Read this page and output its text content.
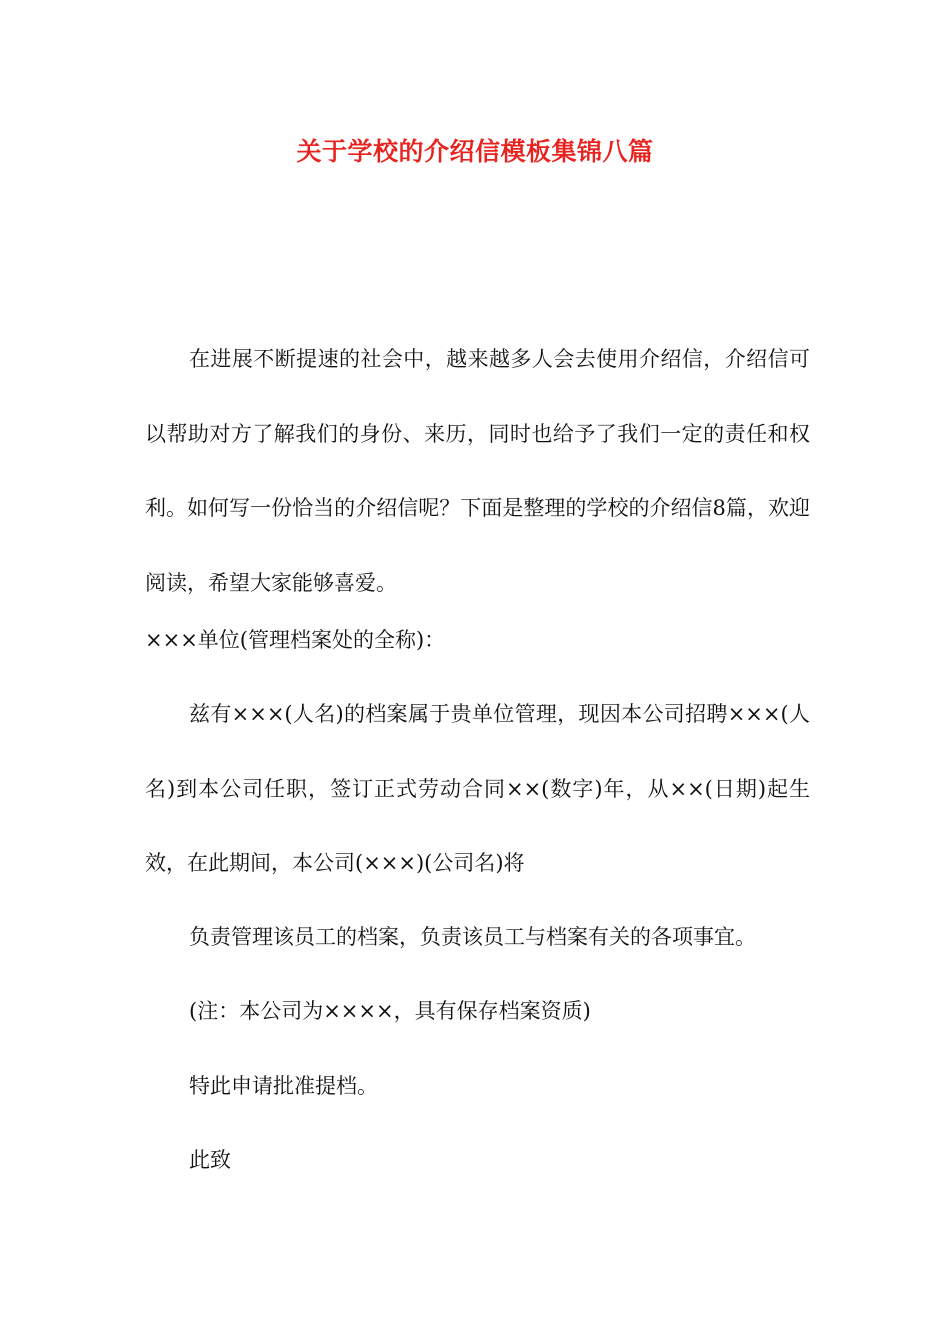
关于学校的介绍信模板集锦八篇
在进展不断提速的社会中，越来越多人会去使用介绍信，介绍信可以帮助对方了解我们的身份、来历，同时也给予了我们一定的责任和权利。如何写一份恰当的介绍信呢？下面是整理的学校的介绍信8篇，欢迎阅读，希望大家能够喜爱。
×××单位(管理档案处的全称)：
兹有×××(人名)的档案属于贵单位管理，现因本公司招聘×××(人名)到本公司任职，签订正式劳动合同××(数字)年，从××(日期)起生效，在此期间，本公司(×××)(公司名)将
负责管理该员工的档案，负责该员工与档案有关的各项事宜。
(注：本公司为××××，具有保存档案资质)
特此申请批准提档。
此致
